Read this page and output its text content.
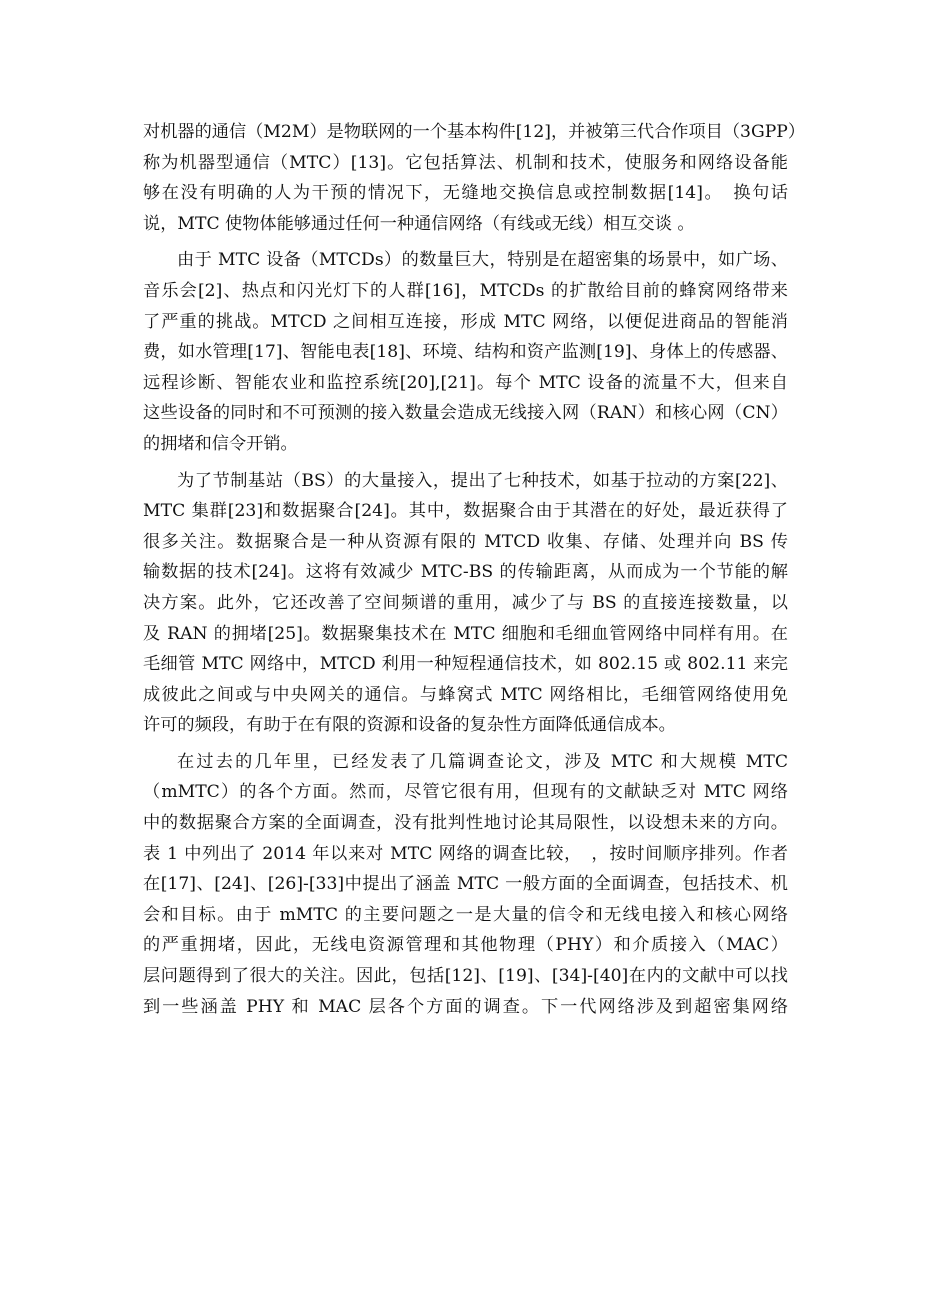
对机器的通信（M2M）是物联网的一个基本构件[12]，并被第三代合作项目（3GPP）
称为机器型通信（MTC）[13]。它包括算法、机制和技术，使服务和网络设备能
够在没有明确的人为干预的情况下，无缝地交换信息或控制数据[14]。　换句话
说，MTC 使物体能够通过任何一种通信网络（有线或无线）相互交谈 。
由于 MTC 设备（MTCDs）的数量巨大，特别是在超密集的场景中，如广场、
音乐会[2]、热点和闪光灯下的人群[16]，MTCDs 的扩散给目前的蜂窝网络带来
了严重的挑战。MTCD 之间相互连接，形成 MTC 网络，以便促进商品的智能消
费，如水管理[17]、智能电表[18]、环境、结构和资产监测[19]、身体上的传感器、
远程诊断、智能农业和监控系统[20],[21]。每个 MTC 设备的流量不大，但来自
这些设备的同时和不可预测的接入数量会造成无线接入网（RAN）和核心网（CN）
的拥堵和信令开销。
为了节制基站（BS）的大量接入，提出了七种技术，如基于拉动的方案[22]、
MTC 集群[23]和数据聚合[24]。其中，数据聚合由于其潜在的好处，最近获得了
很多关注。数据聚合是一种从资源有限的 MTCD 收集、存储、处理并向 BS 传
输数据的技术[24]。这将有效减少 MTC-BS 的传输距离，从而成为一个节能的解
决方案。此外，它还改善了空间频谱的重用，减少了与 BS 的直接连接数量，以
及 RAN 的拥堵[25]。数据聚集技术在 MTC 细胞和毛细血管网络中同样有用。在
毛细管 MTC 网络中，MTCD 利用一种短程通信技术，如 802.15 或 802.11 来完
成彼此之间或与中央网关的通信。与蜂窝式 MTC 网络相比，毛细管网络使用免
许可的频段，有助于在有限的资源和设备的复杂性方面降低通信成本。
在过去的几年里，已经发表了几篇调查论文，涉及 MTC 和大规模 MTC
（mMTC）的各个方面。然而，尽管它很有用，但现有的文献缺乏对 MTC 网络
中的数据聚合方案的全面调查，没有批判性地讨论其局限性，以设想未来的方向。
表 1 中列出了 2014 年以来对 MTC 网络的调查比较，　，按时间顺序排列。作者
在[17]、[24]、[26]-[33]中提出了涵盖 MTC 一般方面的全面调查，包括技术、机
会和目标。由于 mMTC 的主要问题之一是大量的信令和无线电接入和核心网络
的严重拥堵，因此，无线电资源管理和其他物理（PHY）和介质接入（MAC）
层问题得到了很大的关注。因此，包括[12]、[19]、[34]-[40]在内的文献中可以找
到一些涵盖 PHY 和 MAC 层各个方面的调查。下一代网络涉及到超密集网络
